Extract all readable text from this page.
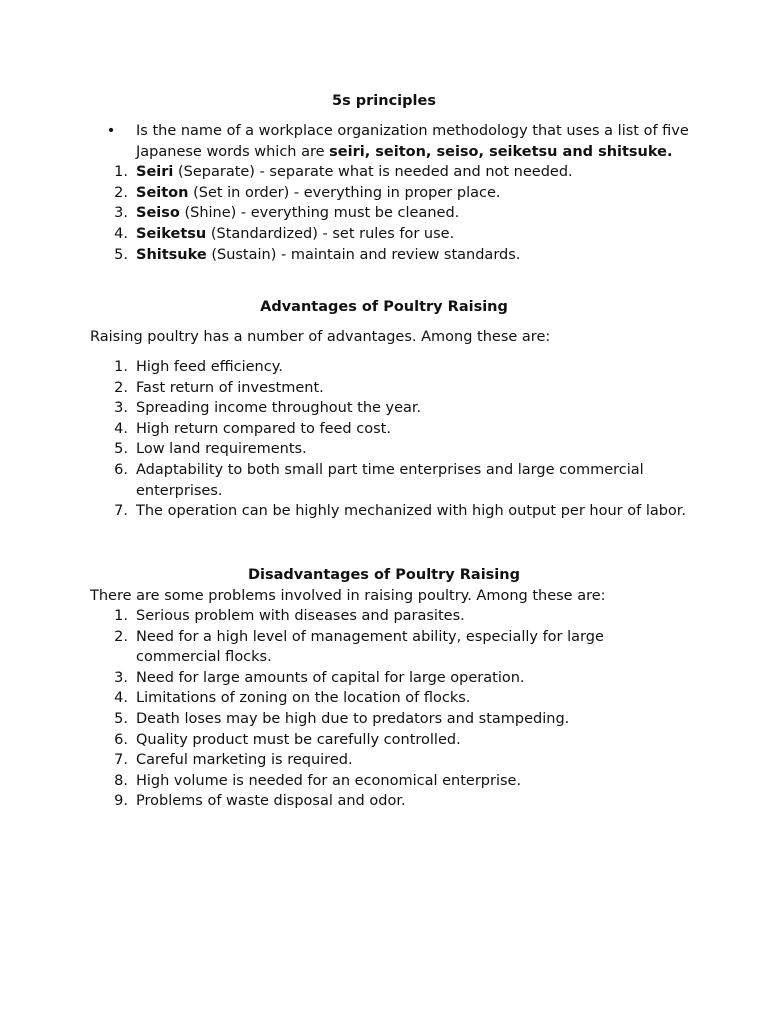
5s principles
•	Is the name of a workplace organization methodology that uses a list of five Japanese words which are seiri, seiton, seiso, seiketsu and shitsuke.
1. Seiri (Separate) - separate what is needed and not needed.
2. Seiton (Set in order) - everything in proper place.
3. Seiso (Shine) - everything must be cleaned.
4. Seiketsu (Standardized) - set rules for use.
5. Shitsuke (Sustain) - maintain and review standards.
Advantages of Poultry Raising
Raising poultry has a number of advantages. Among these are:
1. High feed efficiency.
2. Fast return of investment.
3. Spreading income throughout the year.
4. High return compared to feed cost.
5. Low land requirements.
6. Adaptability to both small part time enterprises and large commercial enterprises.
7. The operation can be highly mechanized with high output per hour of labor.
Disadvantages of Poultry Raising
There are some problems involved in raising poultry. Among these are:
1. Serious problem with diseases and parasites.
2. Need for a high level of management ability, especially for large commercial flocks.
3. Need for large amounts of capital for large operation.
4. Limitations of zoning on the location of flocks.
5. Death loses may be high due to predators and stampeding.
6. Quality product must be carefully controlled.
7. Careful marketing is required.
8. High volume is needed for an economical enterprise.
9. Problems of waste disposal and odor.
